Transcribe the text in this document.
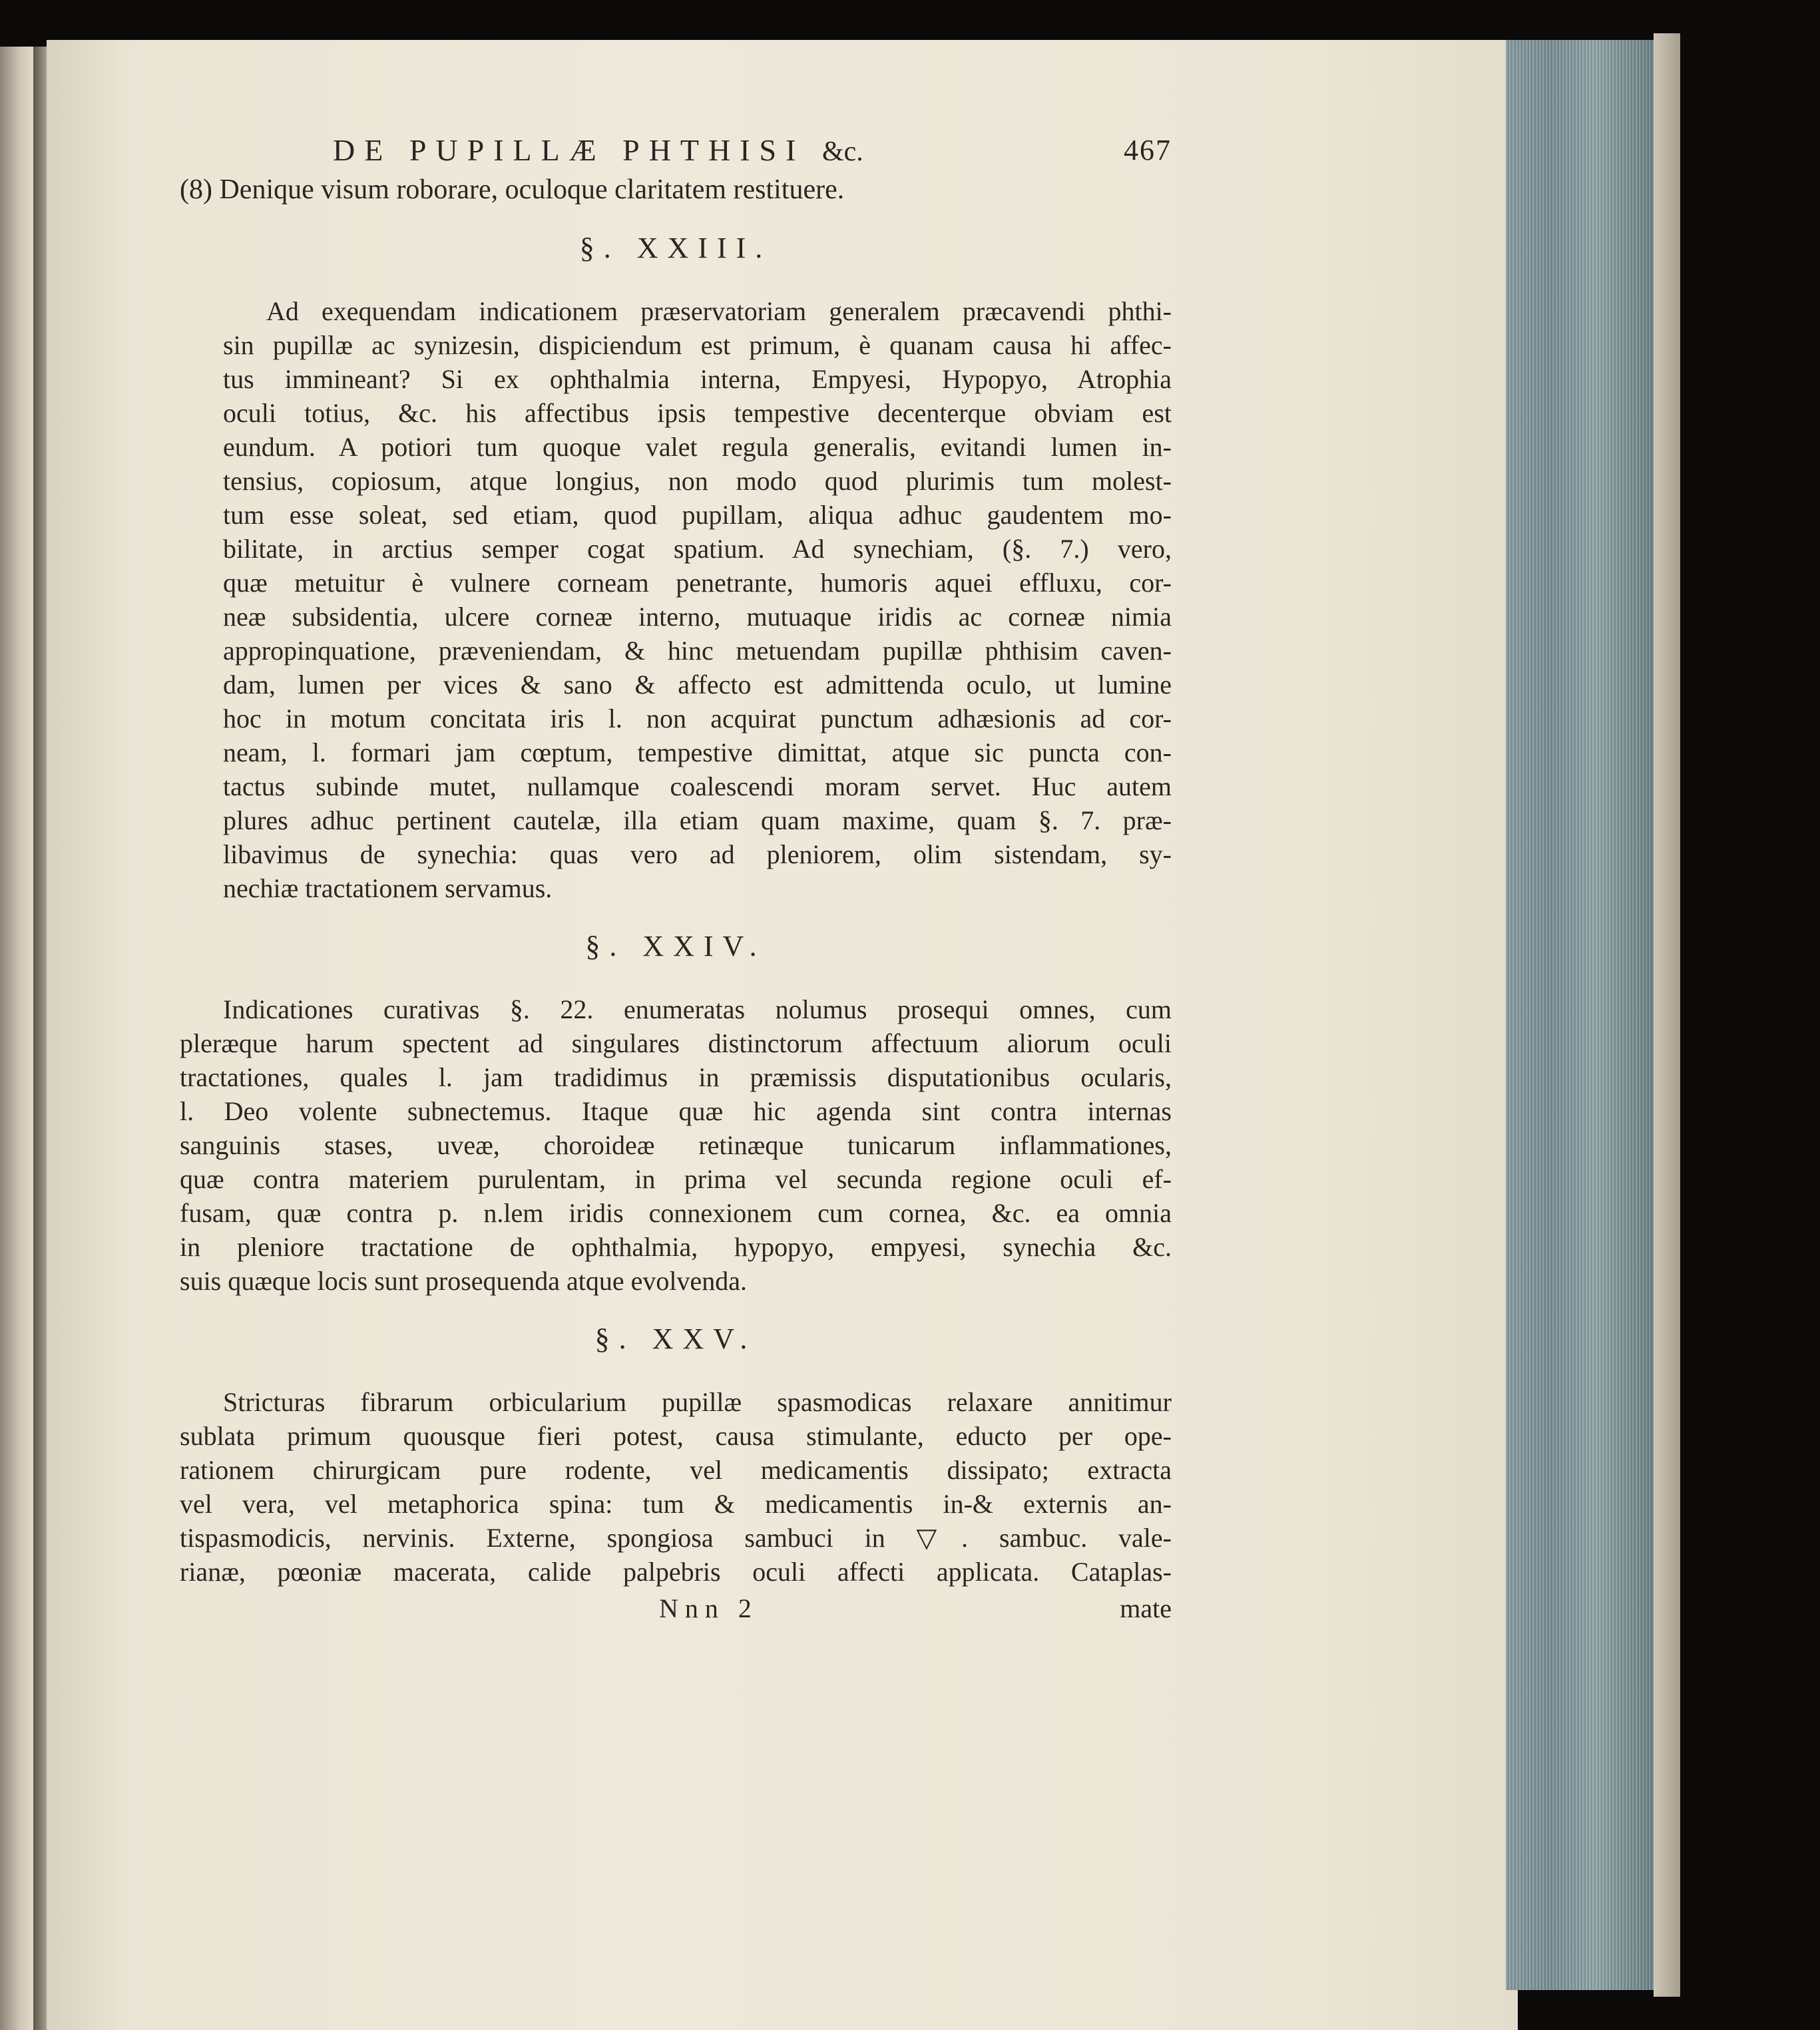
DE PUPILLÆ PHTHISI &c.	467

(8) Denique visum roborare, oculoque claritatem restituere.

§. XXIII.
Ad exequendam indicationem præservatoriam generalem præcavendi phthi-
sin pupillæ ac synizesin, dispiciendum est primum, è quanam causa hi affec-
tus immineant? Si ex ophthalmia interna, Empyesi, Hypopyo, Atrophia
oculi totius, &c. his affectibus ipsis tempestive decenterque obviam est
eundum. A potiori tum quoque valet regula generalis, evitandi lumen in-
tensius, copiosum, atque longius, non modo quod plurimis tum molest-
tum esse soleat, sed etiam, quod pupillam, aliqua adhuc gaudentem mo-
bilitate, in arctius semper cogat spatium. Ad synechiam, (§. 7.) vero,
quæ metuitur è vulnere corneam penetrante, humoris aquei effluxu, cor-
neæ subsidentia, ulcere corneæ interno, mutuaque iridis ac corneæ nimia
appropinquatione, præveniendam, & hinc metuendam pupillæ phthisim caven-
dam, lumen per vices & sano & affecto est admittenda oculo, ut lumine
hoc in motum concitata iris l. non acquirat punctum adhæsionis ad cor-
neam, l. formari jam cœptum, tempestive dimittat, atque sic puncta con-
tactus subinde mutet, nullamque coalescendi moram servet. Huc autem
plures adhuc pertinent cautelæ, illa etiam quam maxime, quam §. 7. præ-
libavimus de synechia: quas vero ad pleniorem, olim sistendam, sy-
nechiæ tractationem servamus.
§. XXIV.
Indicationes curativas §. 22. enumeratas nolumus prosequi omnes, cum
pleræque harum spectent ad singulares distinctorum affectuum aliorum oculi
tractationes, quales l. jam tradidimus in præmissis disputationibus ocularis,
l. Deo volente subnectemus. Itaque quæ hic agenda sint contra internas
sanguinis stases, uveæ, choroideæ retinæque tunicarum inflammationes,
quæ contra materiem purulentam, in prima vel secunda regione oculi ef-
fusam, quæ contra p. n.lem iridis connexionem cum cornea, &c. ea omnia
in pleniore tractatione de ophthalmia, hypopyo, empyesi, synechia &c.
suis quæque locis sunt prosequenda atque evolvenda.
§. XXV.
Stricturas fibrarum orbicularium pupillæ spasmodicas relaxare annitimur
sublata primum quousque fieri potest, causa stimulante, educto per ope-
rationem chirurgicam pure rodente, vel medicamentis dissipato; extracta
vel vera, vel metaphorica spina: tum & medicamentis in-& externis an-
tispasmodicis, nervinis. Externe, spongiosa sambuci in ▽. sambuc. vale-
rianæ, pœoniæ macerata, calide palpebris oculi affecti applicata. Cataplas-
Nnn 2	mate
